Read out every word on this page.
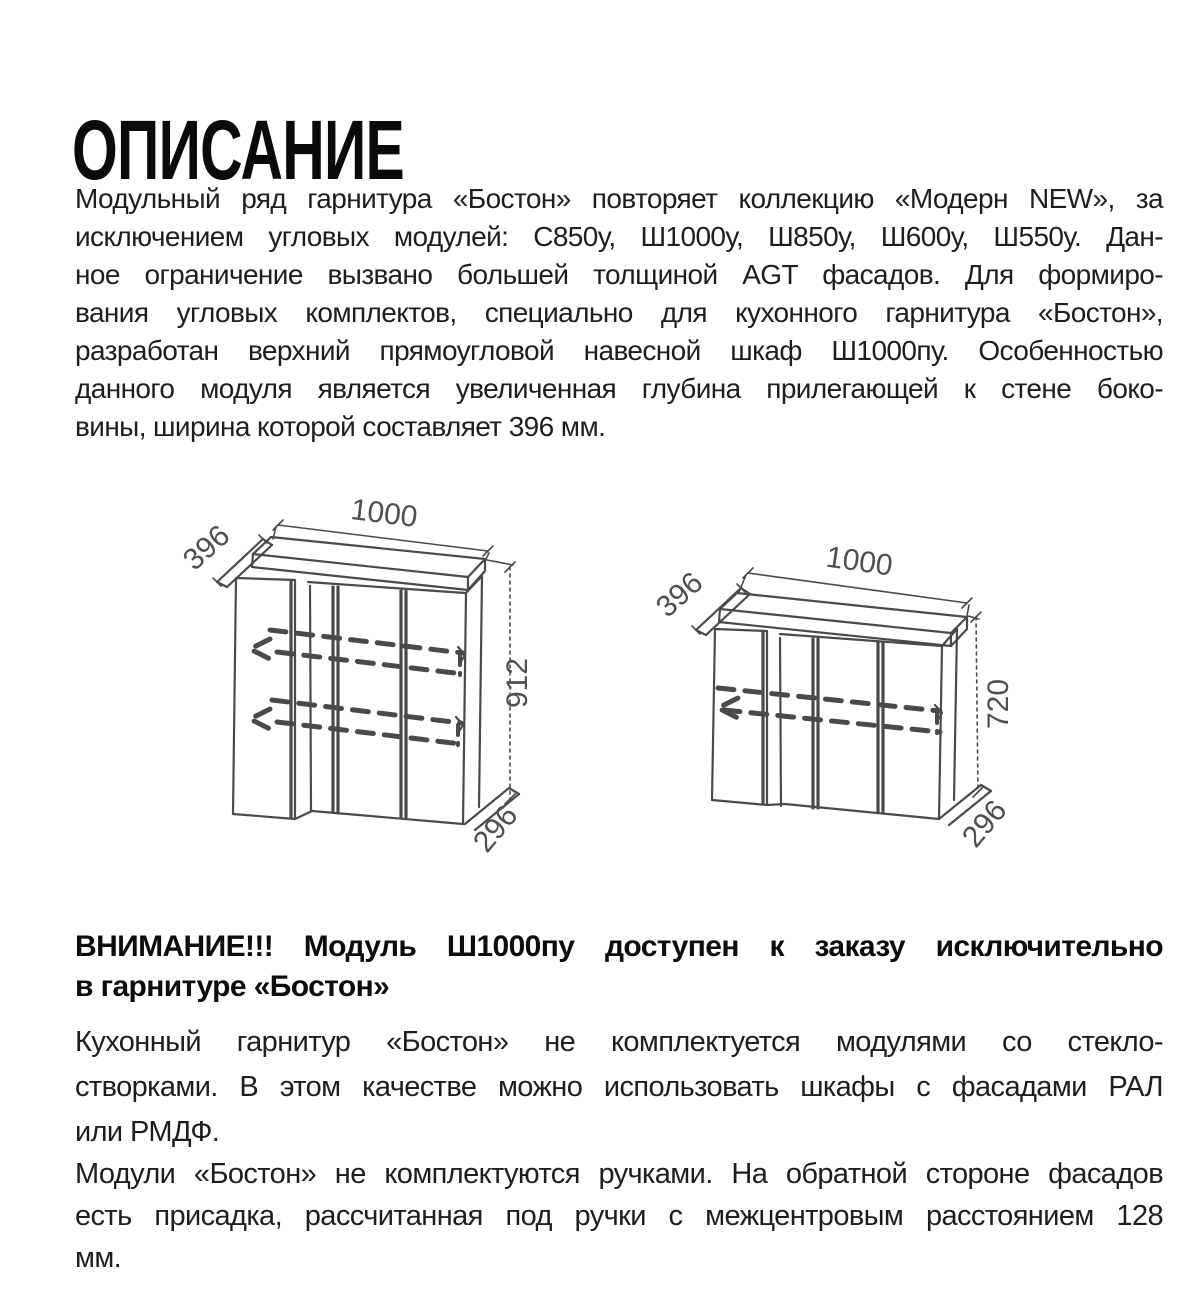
ОПИСАНИЕ
Модульный ряд гарнитура «Бостон» повторяет коллекцию «Модерн NEW», за
исключением угловых модулей: С850у, Ш1000у, Ш850у, Ш600у, Ш550у. Дан-
ное ограничение вызвано большей толщиной AGT фасадов. Для формиро-
вания угловых комплектов, специально для кухонного гарнитура «Бостон»,
разработан верхний прямоугловой навесной шкаф Ш1000пу. Особенностью
данного модуля является увеличенная глубина прилегающей к стене боко-
вины, ширина которой составляет 396 мм.
1000
396
912
296
1000
396
720
296
ВНИМАНИЕ!!! Модуль Ш1000пу доступен к заказу исключительно
в гарнитуре «Бостон»
Кухонный гарнитур «Бостон» не комплектуется модулями со стекло-
створками. В этом качестве можно использовать шкафы с фасадами РАЛ
или РМДФ.
Модули «Бостон» не комплектуются ручками. На обратной стороне фасадов
есть присадка, рассчитанная под ручки с межцентровым расстоянием 128
мм.
